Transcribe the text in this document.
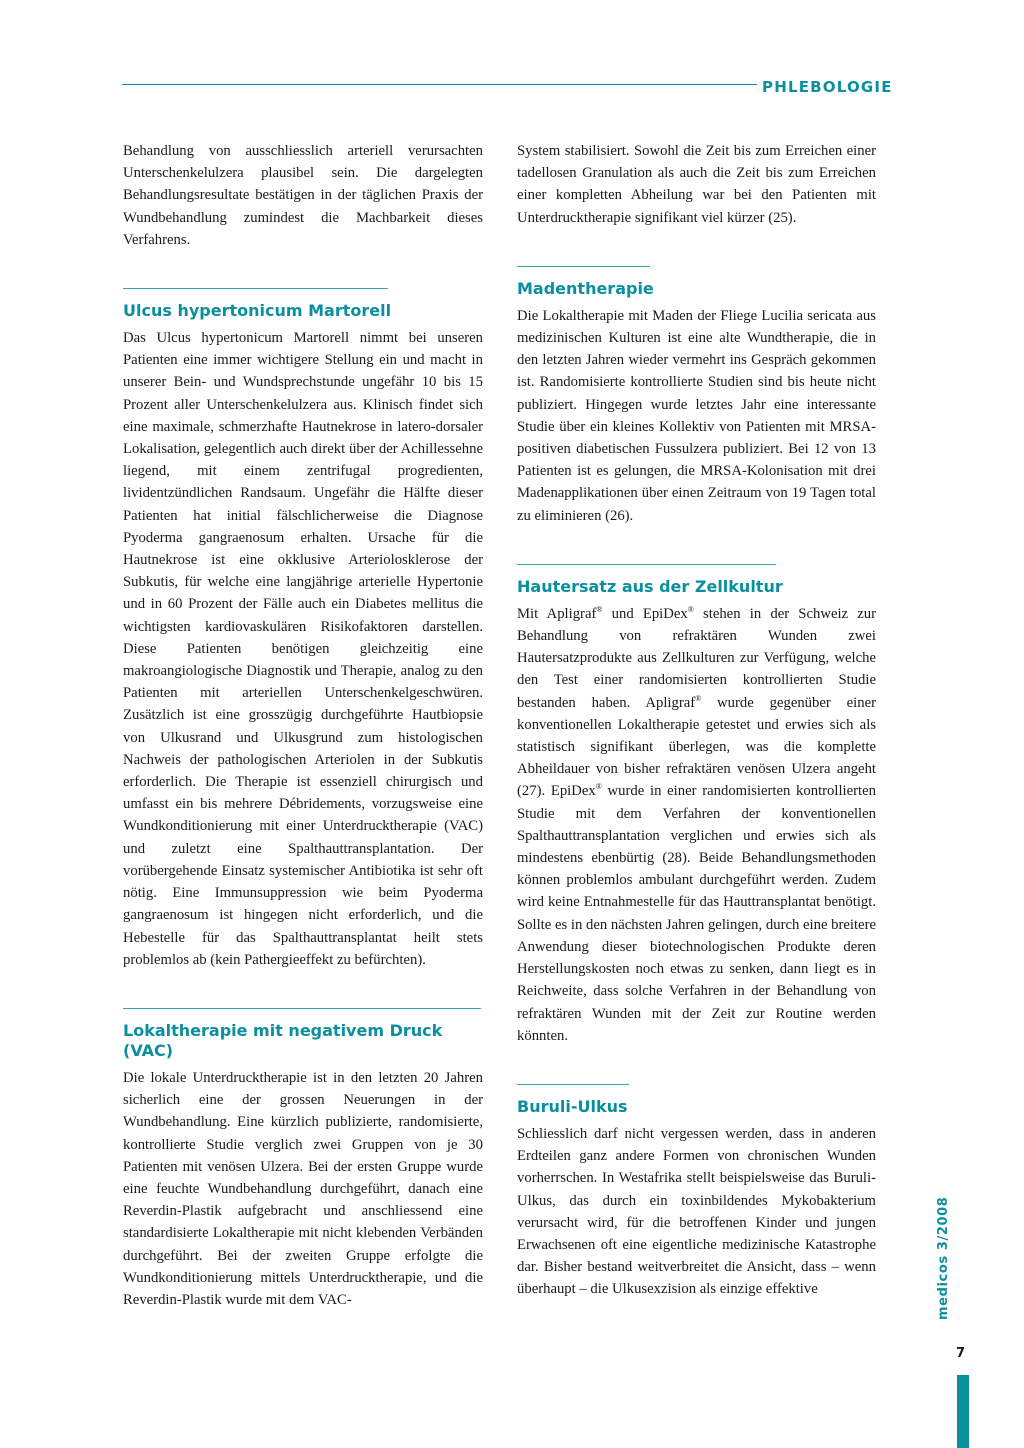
PHLEBOLOGIE

Behandlung von ausschliesslich arteriell verursachten Unterschenkelulzera plausibel sein. Die dargelegten Behandlungsresultate bestätigen in der täglichen Praxis der Wundbehandlung zumindest die Machbarkeit dieses Verfahrens.

Ulcus hypertonicum Martorell

Das Ulcus hypertonicum Martorell nimmt bei unseren Patienten eine immer wichtigere Stellung ein und macht in unserer Bein- und Wundsprechstunde ungefähr 10 bis 15 Prozent aller Unterschenkelulzera aus. Klinisch findet sich eine maximale, schmerzhafte Hautnekrose in latero-dorsaler Lokalisation, gelegentlich auch direkt über der Achillessehne liegend, mit einem zentrifugal progredienten, lividentzündlichen Randsaum. Ungefähr die Hälfte dieser Patienten hat initial fälschlicherweise die Diagnose Pyoderma gangraenosum erhalten. Ursache für die Hautnekrose ist eine okklusive Arteriolosklerose der Subkutis, für welche eine langjährige arterielle Hypertonie und in 60 Prozent der Fälle auch ein Diabetes mellitus die wichtigsten kardiovaskulären Risikofaktoren darstellen. Diese Patienten benötigen gleichzeitig eine makroangiologische Diagnostik und Therapie, analog zu den Patienten mit arteriellen Unterschenkelgeschwüren. Zusätzlich ist eine grosszügig durchgeführte Hautbiopsie von Ulkusrand und Ulkusgrund zum histologischen Nachweis der pathologischen Arteriolen in der Subkutis erforderlich. Die Therapie ist essenziell chirurgisch und umfasst ein bis mehrere Débridements, vorzugsweise eine Wundkonditionierung mit einer Unterdrucktherapie (VAC) und zuletzt eine Spalthauttransplantation. Der vorübergehende Einsatz systemischer Antibiotika ist sehr oft nötig. Eine Immunsuppression wie beim Pyoderma gangraenosum ist hingegen nicht erforderlich, und die Hebestelle für das Spalthauttransplantat heilt stets problemlos ab (kein Pathergieeffekt zu befürchten).

Lokaltherapie mit negativem Druck (VAC)

Die lokale Unterdrucktherapie ist in den letzten 20 Jahren sicherlich eine der grossen Neuerungen in der Wundbehandlung. Eine kürzlich publizierte, randomisierte, kontrollierte Studie verglich zwei Gruppen von je 30 Patienten mit venösen Ulzera. Bei der ersten Gruppe wurde eine feuchte Wundbehandlung durchgeführt, danach eine Reverdin-Plastik aufgebracht und anschliessend eine standardisierte Lokaltherapie mit nicht klebenden Verbänden durchgeführt. Bei der zweiten Gruppe erfolgte die Wundkonditionierung mittels Unterdrucktherapie, und die Reverdin-Plastik wurde mit dem VAC-

System stabilisiert. Sowohl die Zeit bis zum Erreichen einer tadellosen Granulation als auch die Zeit bis zum Erreichen einer kompletten Abheilung war bei den Patienten mit Unterdrucktherapie signifikant viel kürzer (25).

Madentherapie

Die Lokaltherapie mit Maden der Fliege Lucilia sericata aus medizinischen Kulturen ist eine alte Wundtherapie, die in den letzten Jahren wieder vermehrt ins Gespräch gekommen ist. Randomisierte kontrollierte Studien sind bis heute nicht publiziert. Hingegen wurde letztes Jahr eine interessante Studie über ein kleines Kollektiv von Patienten mit MRSA-positiven diabetischen Fussulzera publiziert. Bei 12 von 13 Patienten ist es gelungen, die MRSA-Kolonisation mit drei Madenapplikationen über einen Zeitraum von 19 Tagen total zu eliminieren (26).

Hautersatz aus der Zellkultur

Mit Apligraf® und EpiDex® stehen in der Schweiz zur Behandlung von refraktären Wunden zwei Hautersatzprodukte aus Zellkulturen zur Verfügung, welche den Test einer randomisierten kontrollierten Studie bestanden haben. Apligraf® wurde gegenüber einer konventionellen Lokaltherapie getestet und erwies sich als statistisch signifikant überlegen, was die komplette Abheildauer von bisher refraktären venösen Ulzera angeht (27). EpiDex® wurde in einer randomisierten kontrollierten Studie mit dem Verfahren der konventionellen Spalthauttransplantation verglichen und erwies sich als mindestens ebenbürtig (28). Beide Behandlungsmethoden können problemlos ambulant durchgeführt werden. Zudem wird keine Entnahmestelle für das Hauttransplantat benötigt. Sollte es in den nächsten Jahren gelingen, durch eine breitere Anwendung dieser biotechnologischen Produkte deren Herstellungskosten noch etwas zu senken, dann liegt es in Reichweite, dass solche Verfahren in der Behandlung von refraktären Wunden mit der Zeit zur Routine werden könnten.

Buruli-Ulkus

Schliesslich darf nicht vergessen werden, dass in anderen Erdteilen ganz andere Formen von chronischen Wunden vorherrschen. In Westafrika stellt beispielsweise das Buruli-Ulkus, das durch ein toxinbildendes Mykobakterium verursacht wird, für die betroffenen Kinder und jungen Erwachsenen oft eine eigentliche medizinische Katastrophe dar. Bisher bestand weitverbreitet die Ansicht, dass – wenn überhaupt – die Ulkusexzision als einzige effektive	medicos 3/2008
7
